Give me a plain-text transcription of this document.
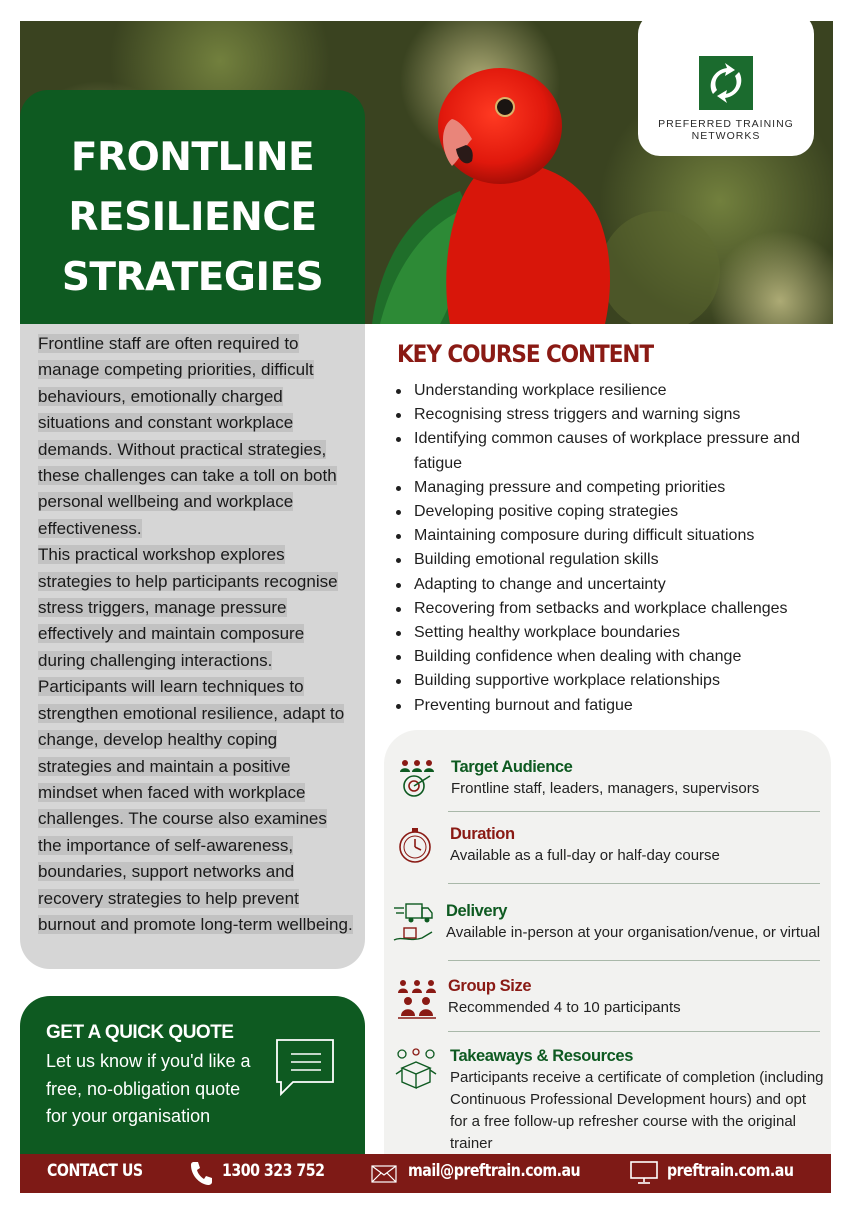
PREFERRED TRAINING
NETWORKS
FRONTLINE
RESILIENCE
STRATEGIES

Frontline staff are often required to manage competing priorities, difficult behaviours, emotionally charged situations and constant workplace demands. Without practical strategies, these challenges can take a toll on both personal wellbeing and workplace effectiveness.

This practical workshop explores strategies to help participants recognise stress triggers, manage pressure effectively and maintain composure during challenging interactions. Participants will learn techniques to strengthen emotional resilience, adapt to change, develop healthy coping strategies and maintain a positive mindset when faced with workplace challenges. The course also examines the importance of self-awareness, boundaries, support networks and recovery strategies to help prevent burnout and promote long-term wellbeing.

GET A QUICK QUOTE
Let us know if you'd like a free, no-obligation quote for your organisation
KEY COURSE CONTENT
Understanding workplace resilience
Recognising stress triggers and warning signs
Identifying common causes of workplace pressure and fatigue
Managing pressure and competing priorities
Developing positive coping strategies
Maintaining composure during difficult situations
Building emotional regulation skills
Adapting to change and uncertainty
Recovering from setbacks and workplace challenges
Setting healthy workplace boundaries
Building confidence when dealing with change
Building supportive workplace relationships
Preventing burnout and fatigue
Target Audience
Frontline staff, leaders, managers, supervisors
Duration
Available as a full-day or half-day course
Delivery
Available in-person at your organisation/venue, or virtual
Group Size
Recommended 4 to 10 participants
Takeaways & Resources
Participants receive a certificate of completion (including Continuous Professional Development hours) and opt for a free follow-up refresher course with the original trainer
CONTACT US	1300 323 752	mail@preftrain.com.au	preftrain.com.au
